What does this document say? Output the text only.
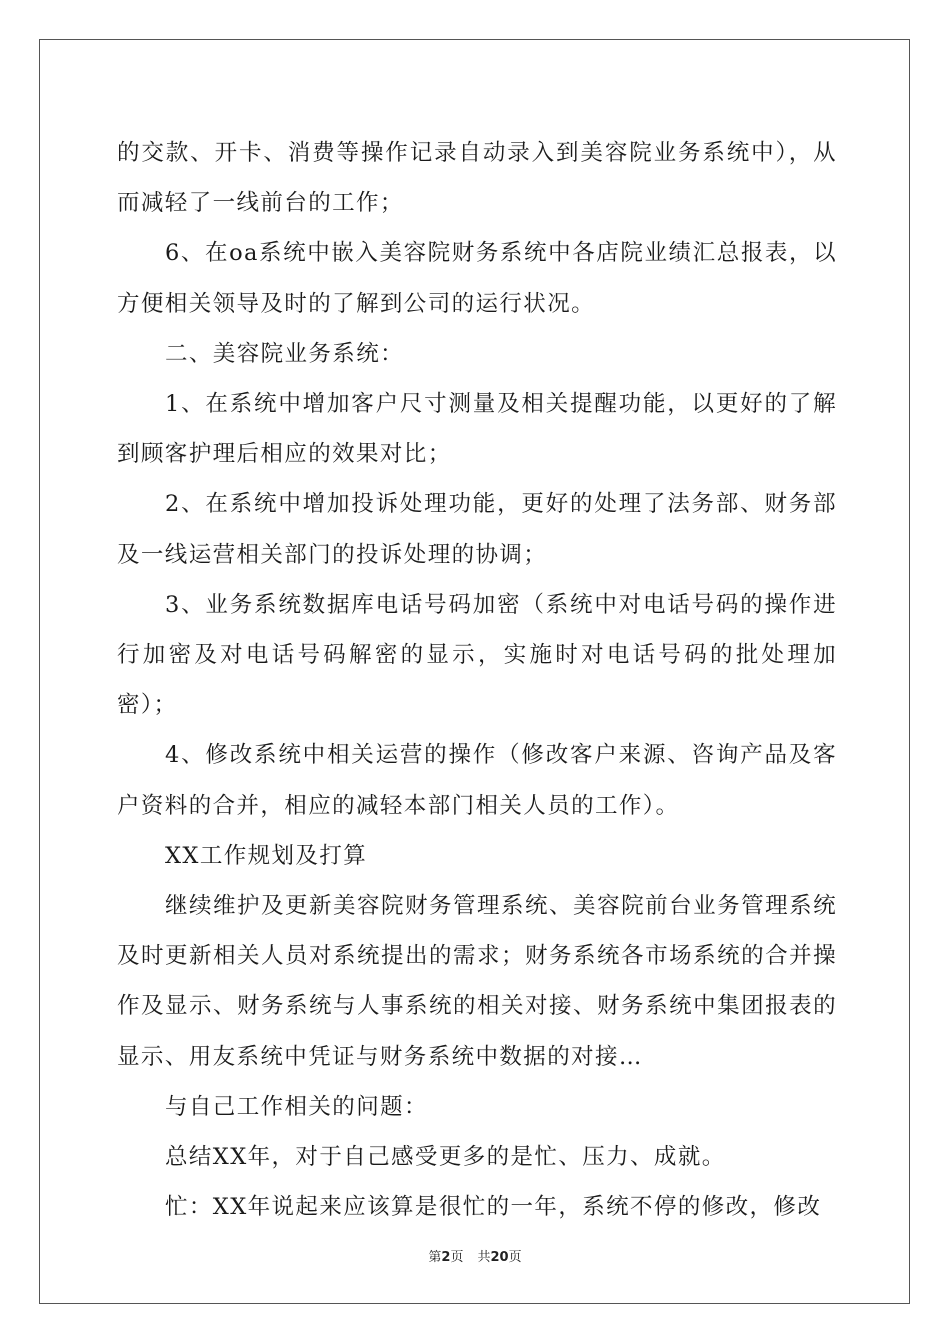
的交款、开卡、消费等操作记录自动录入到美容院业务系统中），从而减轻了一线前台的工作；

6、在oa系统中嵌入美容院财务系统中各店院业绩汇总报表，以方便相关领导及时的了解到公司的运行状况。

二、美容院业务系统：

1、在系统中增加客户尺寸测量及相关提醒功能，以更好的了解到顾客护理后相应的效果对比；

2、在系统中增加投诉处理功能，更好的处理了法务部、财务部及一线运营相关部门的投诉处理的协调；

3、业务系统数据库电话号码加密（系统中对电话号码的操作进行加密及对电话号码解密的显示，实施时对电话号码的批处理加密）；

4、修改系统中相关运营的操作（修改客户来源、咨询产品及客户资料的合并，相应的减轻本部门相关人员的工作）。

XX工作规划及打算

继续维护及更新美容院财务管理系统、美容院前台业务管理系统及时更新相关人员对系统提出的需求；财务系统各市场系统的合并操作及显示、财务系统与人事系统的相关对接、财务系统中集团报表的显示、用友系统中凭证与财务系统中数据的对接…

与自己工作相关的问题：

总结XX年，对于自己感受更多的是忙、压力、成就。

忙：XX年说起来应该算是很忙的一年，系统不停的修改，修改

第2页 共20页
